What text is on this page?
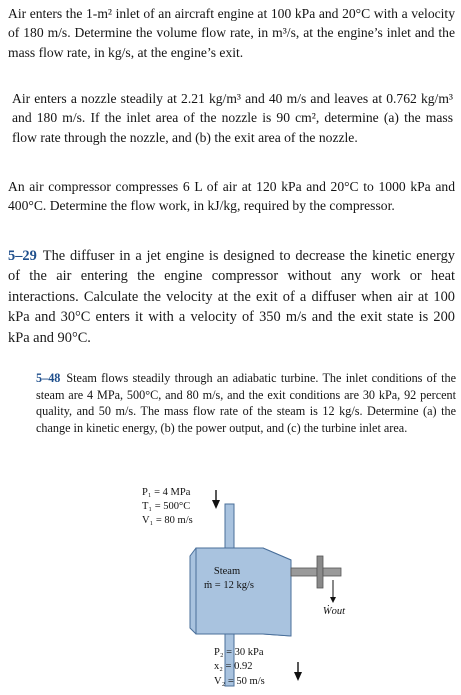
Air enters the 1-m² inlet of an aircraft engine at 100 kPa and 20°C with a velocity of 180 m/s. Determine the volume flow rate, in m³/s, at the engine’s inlet and the mass flow rate, in kg/s, at the engine’s exit.

Air enters a nozzle steadily at 2.21 kg/m³ and 40 m/s and leaves at 0.762 kg/m³ and 180 m/s. If the inlet area of the nozzle is 90 cm², determine (a) the mass flow rate through the nozzle, and (b) the exit area of the nozzle.

An air compressor compresses 6 L of air at 120 kPa and 20°C to 1000 kPa and 400°C. Determine the flow work, in kJ/kg, required by the compressor.

5–29 The diffuser in a jet engine is designed to decrease the kinetic energy of the air entering the engine compressor without any work or heat interactions. Calculate the velocity at the exit of a diffuser when air at 100 kPa and 30°C enters it with a velocity of 350 m/s and the exit state is 200 kPa and 90°C.

5–48 Steam flows steadily through an adiabatic turbine. The inlet conditions of the steam are 4 MPa, 500°C, and 80 m/s, and the exit conditions are 30 kPa, 92 percent quality, and 50 m/s. The mass flow rate of the steam is 12 kg/s. Determine (a) the change in kinetic energy, (b) the power output, and (c) the turbine inlet area.

P₁ = 4 MPa
T₁ = 500°C
V₁ = 80 m/s
Steam
ṁ = 12 kg/s
Ẇout
P₂ = 30 kPa
x₂ = 0.92
V₂ = 50 m/s
